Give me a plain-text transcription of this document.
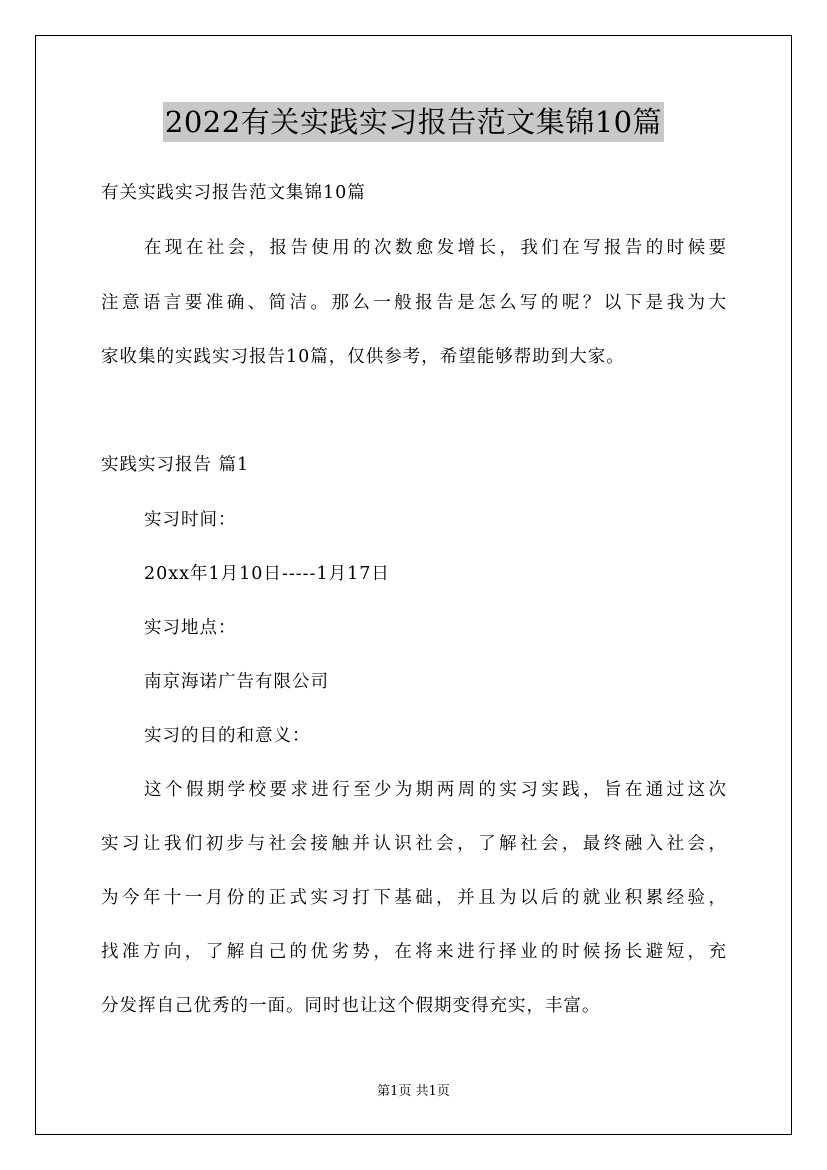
2022有关实践实习报告范文集锦10篇
有关实践实习报告范文集锦10篇
在现在社会，报告使用的次数愈发增长，我们在写报告的时候要
注意语言要准确、简洁。那么一般报告是怎么写的呢？以下是我为大
家收集的实践实习报告10篇，仅供参考，希望能够帮助到大家。
实践实习报告 篇1
实习时间：
20xx年1月10日-----1月17日
实习地点：
南京海诺广告有限公司
实习的目的和意义：
这个假期学校要求进行至少为期两周的实习实践，旨在通过这次
实习让我们初步与社会接触并认识社会，了解社会，最终融入社会，
为今年十一月份的正式实习打下基础，并且为以后的就业积累经验，
找准方向，了解自己的优劣势，在将来进行择业的时候扬长避短，充
分发挥自己优秀的一面。同时也让这个假期变得充实，丰富。
第1页 共1页
